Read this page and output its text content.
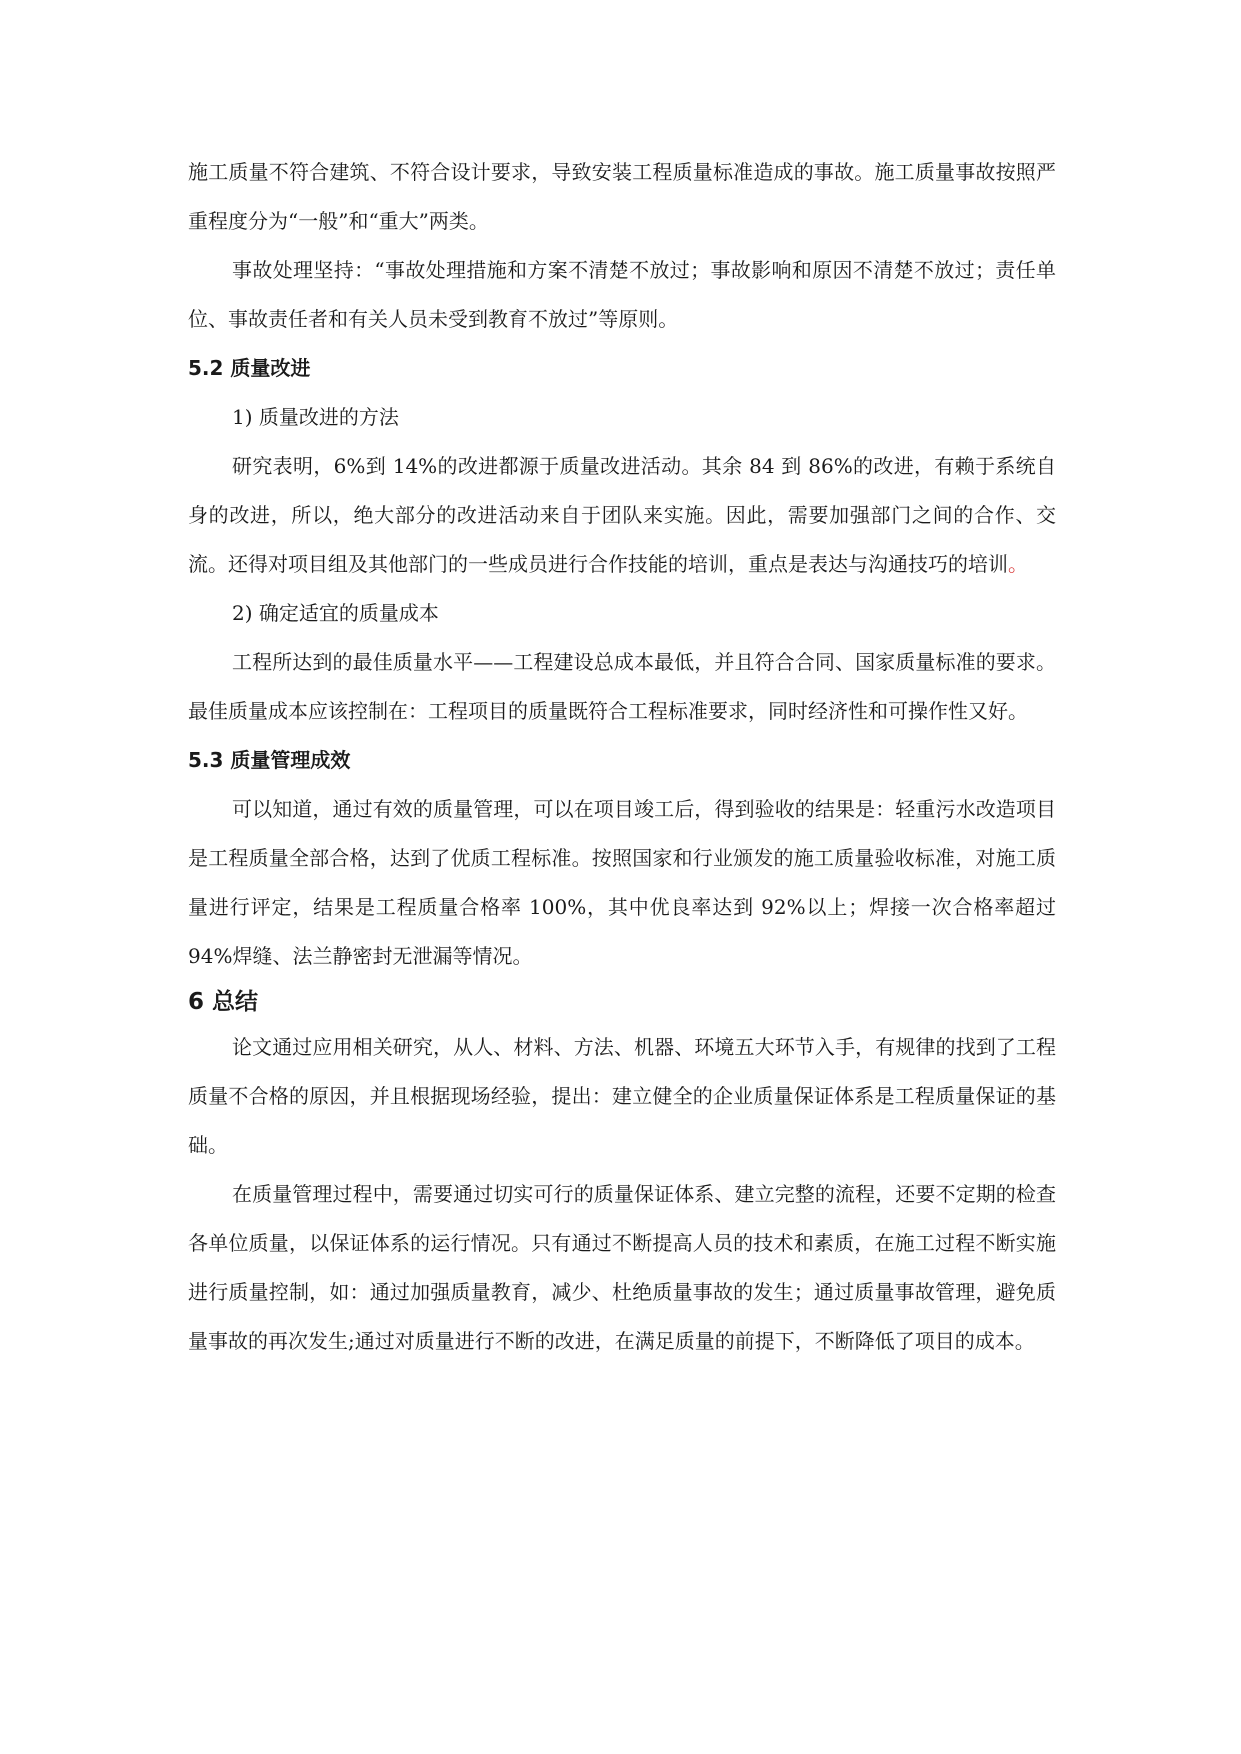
施工质量不符合建筑、不符合设计要求，导致安装工程质量标准造成的事故。施工质量事故按照严重程度分为“一般”和“重大”两类。

事故处理坚持：“事故处理措施和方案不清楚不放过；事故影响和原因不清楚不放过；责任单位、事故责任者和有关人员未受到教育不放过”等原则。

5.2 质量改进

1) 质量改进的方法

研究表明，6%到 14%的改进都源于质量改进活动。其余 84 到 86%的改进，有赖于系统自身的改进，所以，绝大部分的改进活动来自于团队来实施。因此，需要加强部门之间的合作、交流。还得对项目组及其他部门的一些成员进行合作技能的培训，重点是表达与沟通技巧的培训。

2) 确定适宜的质量成本

工程所达到的最佳质量水平——工程建设总成本最低，并且符合合同、国家质量标准的要求。最佳质量成本应该控制在：工程项目的质量既符合工程标准要求，同时经济性和可操作性又好。

5.3 质量管理成效

可以知道，通过有效的质量管理，可以在项目竣工后，得到验收的结果是：轻重污水改造项目是工程质量全部合格，达到了优质工程标准。按照国家和行业颁发的施工质量验收标准，对施工质量进行评定，结果是工程质量合格率 100%，其中优良率达到 92%以上；焊接一次合格率超过 94%焊缝、法兰静密封无泄漏等情况。

6 总结

论文通过应用相关研究，从人、材料、方法、机器、环境五大环节入手，有规律的找到了工程质量不合格的原因，并且根据现场经验，提出：建立健全的企业质量保证体系是工程质量保证的基础。

在质量管理过程中，需要通过切实可行的质量保证体系、建立完整的流程，还要不定期的检查各单位质量，以保证体系的运行情况。只有通过不断提高人员的技术和素质，在施工过程不断实施进行质量控制，如：通过加强质量教育，减少、杜绝质量事故的发生；通过质量事故管理，避免质量事故的再次发生;通过对质量进行不断的改进，在满足质量的前提下，不断降低了项目的成本。
